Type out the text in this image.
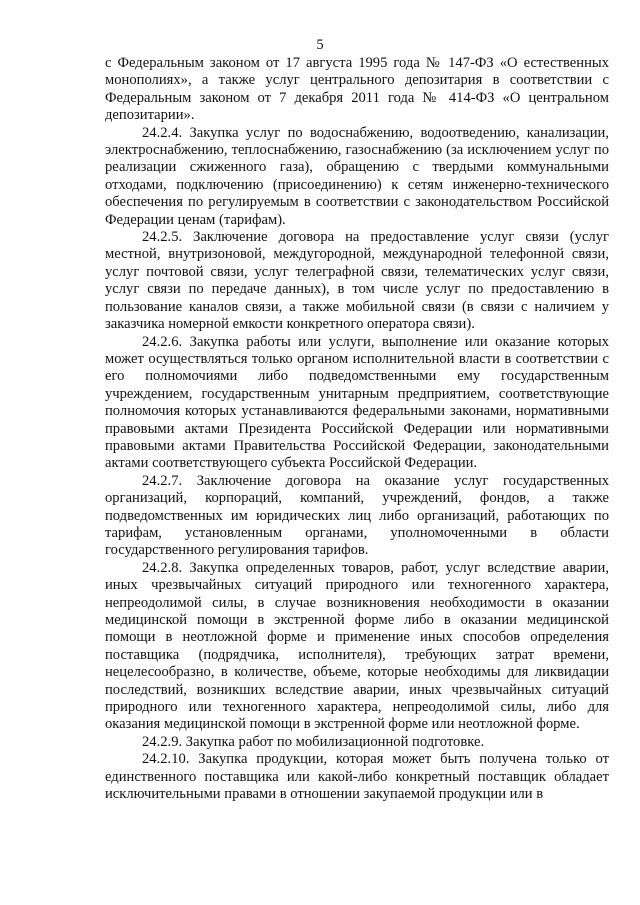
5

с Федеральным законом от 17 августа 1995 года № 147-ФЗ «О естественных монополиях», а также услуг центрального депозитария в соответствии с Федеральным законом от 7 декабря 2011 года № 414-ФЗ «О центральном депозитарии».

24.2.4. Закупка услуг по водоснабжению, водоотведению, канализации, электроснабжению, теплоснабжению, газоснабжению (за исключением услуг по реализации сжиженного газа), обращению с твердыми коммунальными отходами, подключению (присоединению) к сетям инженерно-технического обеспечения по регулируемым в соответствии с законодательством Российской Федерации ценам (тарифам).

24.2.5. Заключение договора на предоставление услуг связи (услуг местной, внутризоновой, междугородной, международной телефонной связи, услуг почтовой связи, услуг телеграфной связи, телематических услуг связи, услуг связи по передаче данных), в том числе услуг по предоставлению в пользование каналов связи, а также мобильной связи (в связи с наличием у заказчика номерной емкости конкретного оператора связи).

24.2.6. Закупка работы или услуги, выполнение или оказание которых может осуществляться только органом исполнительной власти в соответствии с его полномочиями либо подведомственными ему государственным учреждением, государственным унитарным предприятием, соответствующие полномочия которых устанавливаются федеральными законами, нормативными правовыми актами Президента Российской Федерации или нормативными правовыми актами Правительства Российской Федерации, законодательными актами соответствующего субъекта Российской Федерации.

24.2.7. Заключение договора на оказание услуг государственных организаций, корпораций, компаний, учреждений, фондов, а также подведомственных им юридических лиц либо организаций, работающих по тарифам, установленным органами, уполномоченными в области государственного регулирования тарифов.

24.2.8. Закупка определенных товаров, работ, услуг вследствие аварии, иных чрезвычайных ситуаций природного или техногенного характера, непреодолимой силы, в случае возникновения необходимости в оказании медицинской помощи в экстренной форме либо в оказании медицинской помощи в неотложной форме и применение иных способов определения поставщика (подрядчика, исполнителя), требующих затрат времени, нецелесообразно, в количестве, объеме, которые необходимы для ликвидации последствий, возникших вследствие аварии, иных чрезвычайных ситуаций природного или техногенного характера, непреодолимой силы, либо для оказания медицинской помощи в экстренной форме или неотложной форме.

24.2.9. Закупка работ по мобилизационной подготовке.

24.2.10. Закупка продукции, которая может быть получена только от единственного поставщика или какой-либо конкретный поставщик обладает исключительными правами в отношении закупаемой продукции или в
